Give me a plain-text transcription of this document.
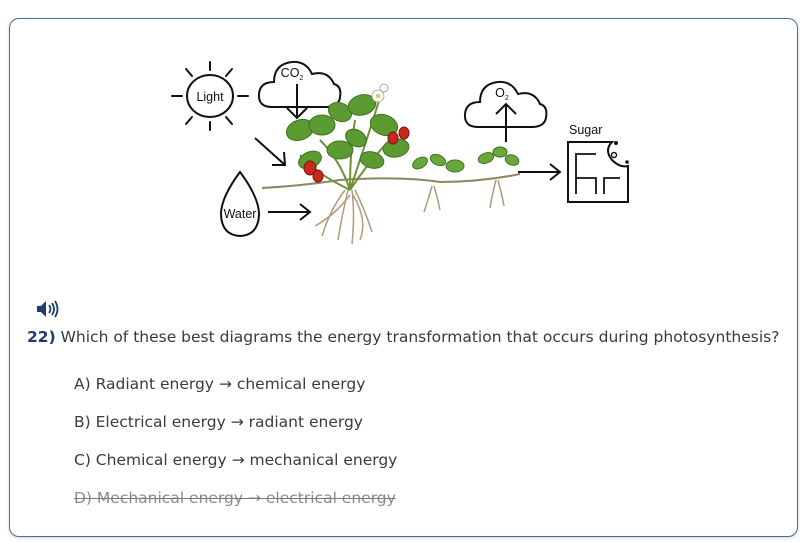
Light
$CO_2$
Water
$O_2$
Sugar
22) Which of these best diagrams the energy transformation that occurs during photosynthesis?
A) Radiant energy → chemical energy
B) Electrical energy → radiant energy
C) Chemical energy → mechanical energy
D) Mechanical energy → electrical energy
